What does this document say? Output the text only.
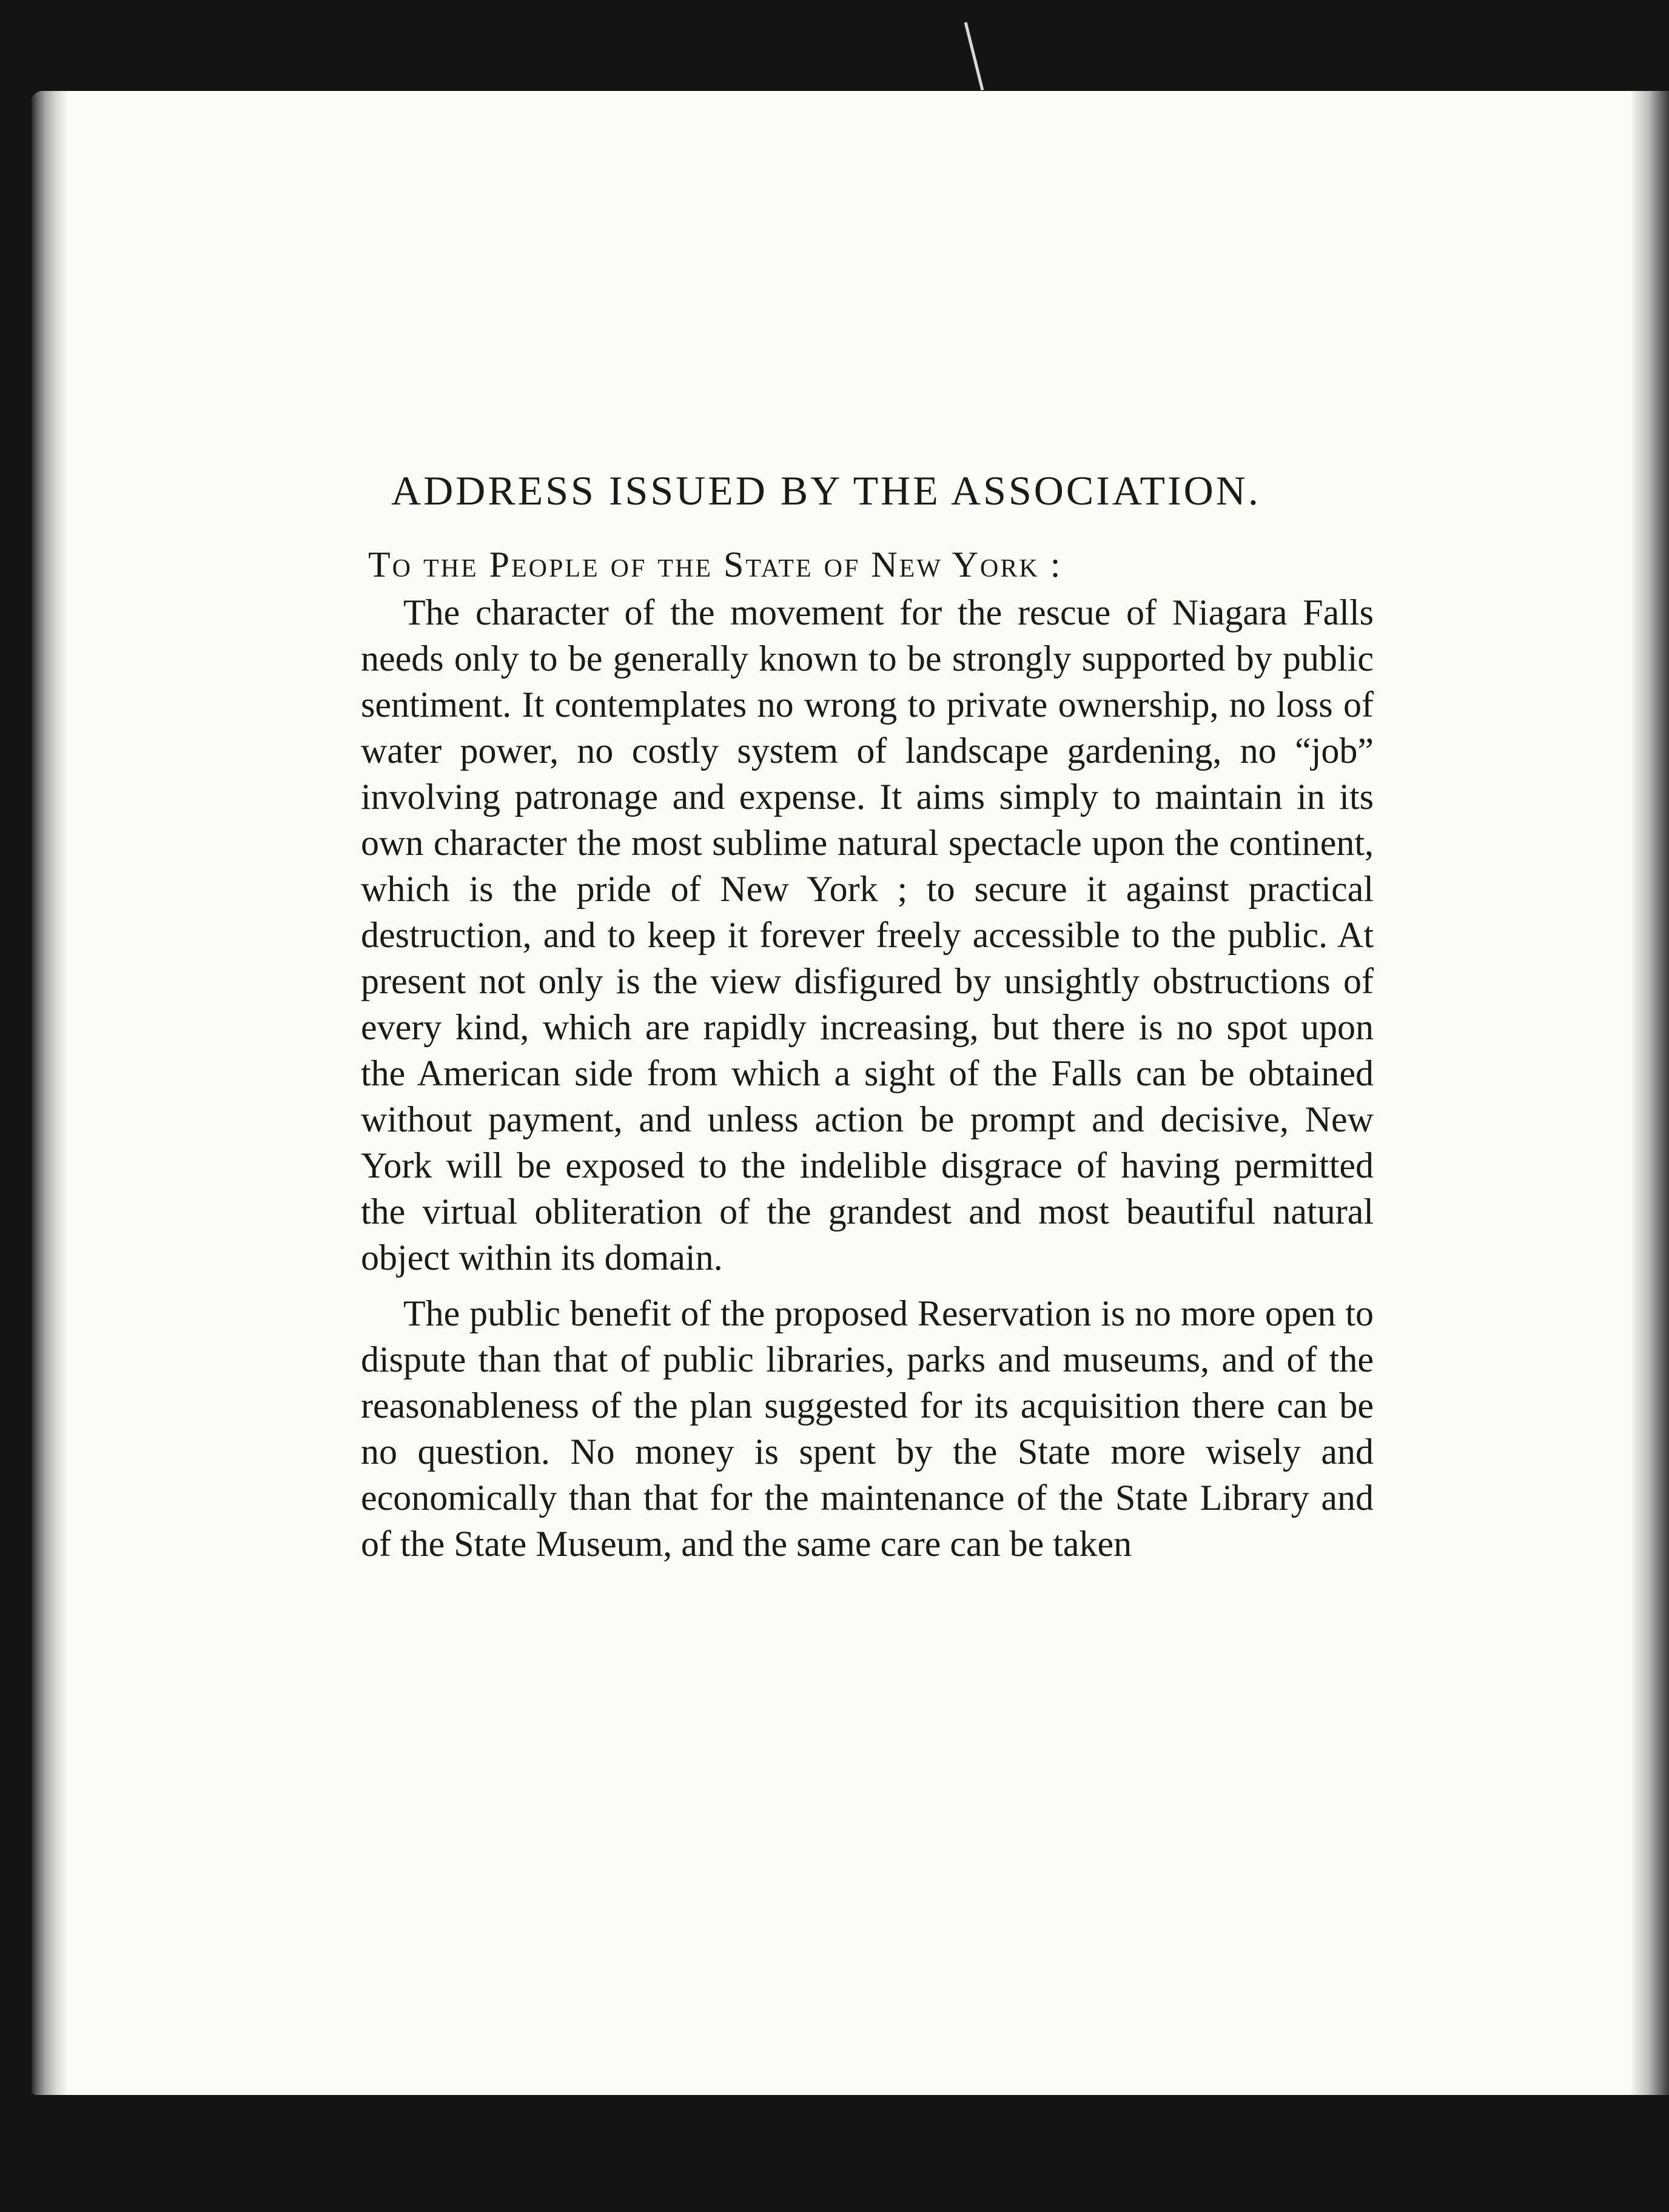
ADDRESS ISSUED BY THE ASSOCIATION.
To the People of the State of New York :

The character of the movement for the rescue of Niagara Falls needs only to be generally known to be strongly supported by public sentiment. It contemplates no wrong to private ownership, no loss of water power, no costly system of landscape gardening, no “job” involving patronage and expense. It aims simply to maintain in its own character the most sublime natural spectacle upon the continent, which is the pride of New York ; to secure it against practical destruction, and to keep it forever freely accessible to the public. At present not only is the view disfigured by unsightly obstructions of every kind, which are rapidly increasing, but there is no spot upon the American side from which a sight of the Falls can be obtained without payment, and unless action be prompt and decisive, New York will be exposed to the indelible disgrace of having permitted the virtual obliteration of the grandest and most beautiful natural object within its domain.

The public benefit of the proposed Reservation is no more open to dispute than that of public libraries, parks and museums, and of the reasonableness of the plan suggested for its acquisition there can be no question. No money is spent by the State more wisely and economically than that for the maintenance of the State Library and of the State Museum, and the same care can be taken
